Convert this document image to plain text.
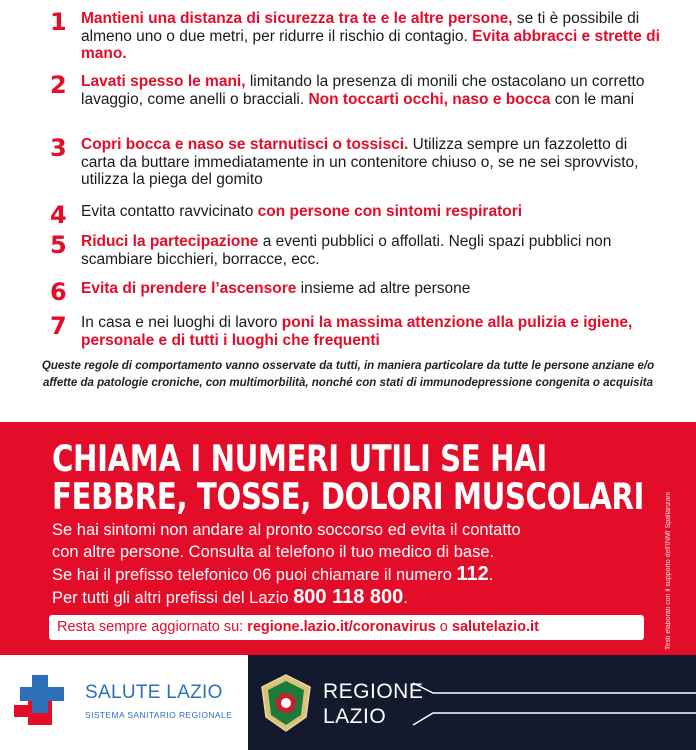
1 Mantieni una distanza di sicurezza tra te e le altre persone, se ti è possibile di almeno uno o due metri, per ridurre il rischio di contagio. Evita abbracci e strette di mano.
2 Lavati spesso le mani, limitando la presenza di monili che ostacolano un corretto lavaggio, come anelli o bracciali. Non toccarti occhi, naso e bocca con le mani
3 Copri bocca e naso se starnutisci o tossisci. Utilizza sempre un fazzoletto di carta da buttare immediatamente in un contenitore chiuso o, se ne sei sprovvisto, utilizza la piega del gomito
4 Evita contatto ravvicinato con persone con sintomi respiratori
5 Riduci la partecipazione a eventi pubblici o affollati. Negli spazi pubblici non scambiare bicchieri, borracce, ecc.
6 Evita di prendere l’ascensore insieme ad altre persone
7 In casa e nei luoghi di lavoro poni la massima attenzione alla pulizia e igiene, personale e di tutti i luoghi che frequenti
Queste regole di comportamento vanno osservate da tutti, in maniera particolare da tutte le persone anziane e/o affette da patologie croniche, con multimorbilità, nonché con stati di immunodepressione congenita o acquisita
CHIAMA I NUMERI UTILI SE HAI
FEBBRE, TOSSE, DOLORI MUSCOLARI
Se hai sintomi non andare al pronto soccorso ed evita il contatto
con altre persone. Consulta al telefono il tuo medico di base.
Se hai il prefisso telefonico 06 puoi chiamare il numero 112.
Per tutti gli altri prefissi del Lazio 800 118 800.
Resta sempre aggiornato su: regione.lazio.it/coronavirus o salutelazio.it	Testi elaborati con il supporto dell'INMI Spallanzani
SALUTE LAZIO
SISTEMA SANITARIO REGIONALE
REGIONE
LAZIO
